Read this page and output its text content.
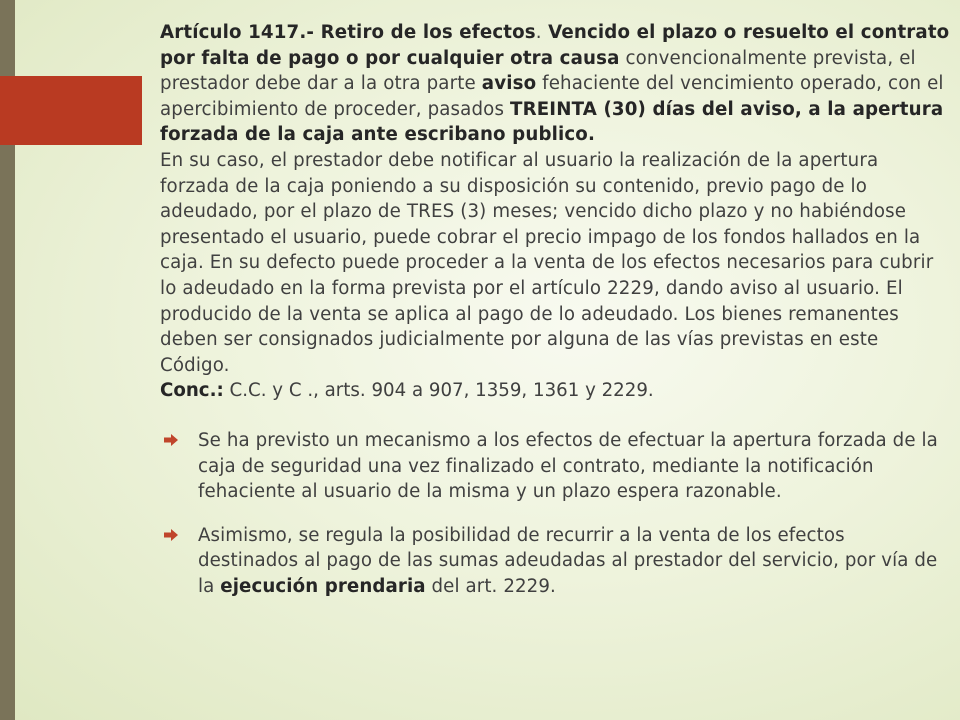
Artículo 1417.- Retiro de los efectos. Vencido el plazo o resuelto el contrato por falta de pago o por cualquier otra causa convencionalmente prevista, el prestador debe dar a la otra parte aviso fehaciente del vencimiento operado, con el apercibimiento de proceder, pasados TREINTA (30) días del aviso, a la apertura forzada de la caja ante escribano publico.
En su caso, el prestador debe notificar al usuario la realización de la apertura forzada de la caja poniendo a su disposición su contenido, previo pago de lo adeudado, por el plazo de TRES (3) meses; vencido dicho plazo y no habiéndose presentado el usuario, puede cobrar el precio impago de los fondos hallados en la caja. En su defecto puede proceder a la venta de los efectos necesarios para cubrir lo adeudado en la forma prevista por el artículo 2229, dando aviso al usuario. El producido de la venta se aplica al pago de lo adeudado. Los bienes remanentes deben ser consignados judicialmente por alguna de las vías previstas en este Código.

Conc.: C.C. y C ., arts. 904 a 907, 1359, 1361 y 2229.

Se ha previsto un mecanismo a los efectos de efectuar la apertura forzada de la caja de seguridad una vez finalizado el contrato, mediante la notificación fehaciente al usuario de la misma y un plazo espera razonable.
Asimismo, se regula la posibilidad de recurrir a la venta de los efectos destinados al pago de las sumas adeudadas al prestador del servicio, por vía de la ejecución prendaria del art. 2229.
